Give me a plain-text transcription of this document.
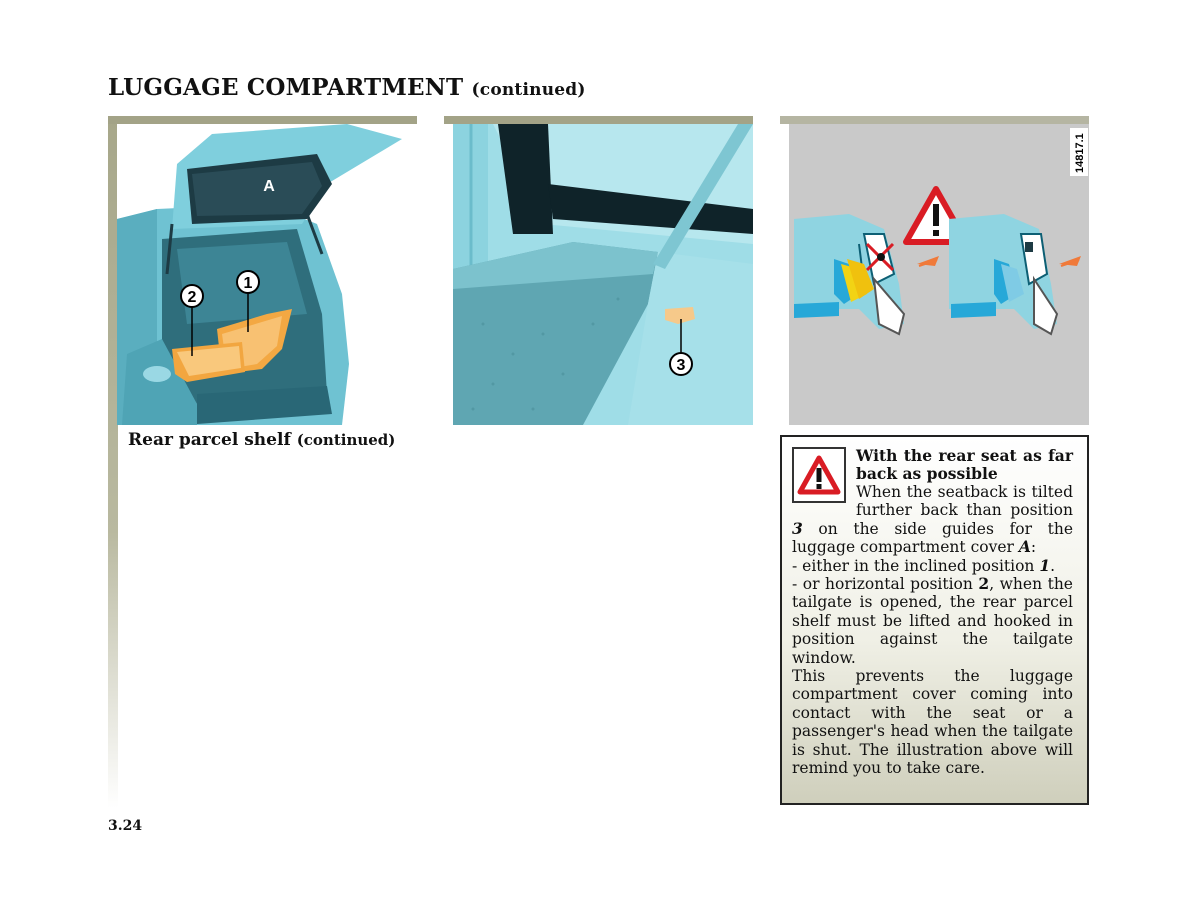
LUGGAGE COMPARTMENT (continued)
1
2
A
3
14817.1
Rear parcel shelf (continued)
With the rear seat as far back as possible
When the seatback is tilted further back than position 3 on the side guides for the luggage compartment cover A:
- either in the inclined position 1.
- or horizontal position 2, when the tailgate is opened, the rear parcel shelf must be lifted and hooked in position against the tailgate window.
This prevents the luggage compartment cover coming into contact with the seat or a passenger's head when the tailgate is shut. The illustration above will remind you to take care.
3.24
